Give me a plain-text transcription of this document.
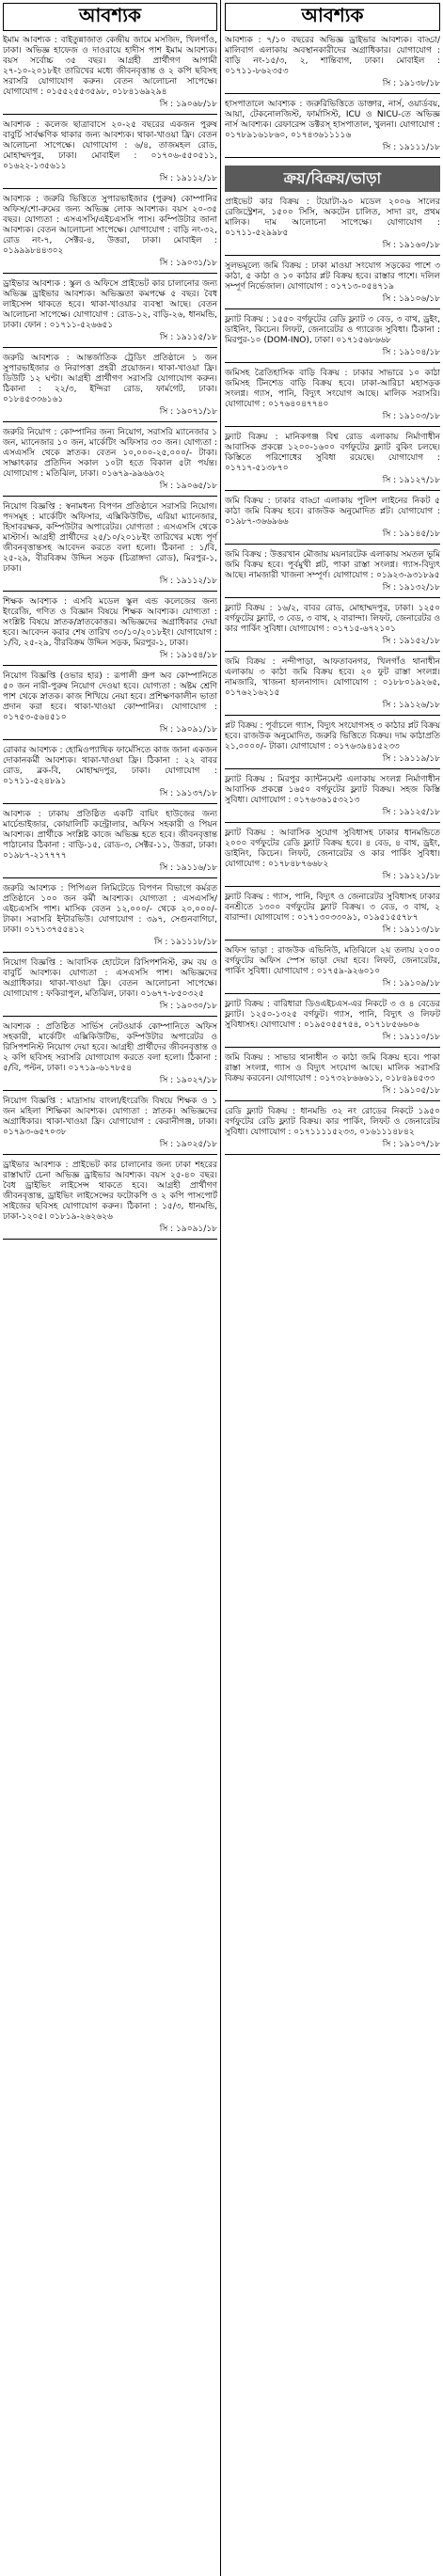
আবশ্যক
ইমাম আবশ্যক : বাইতুন্নাজাত কেন্দ্রীয় জামে মসজিদ, খিলগাঁও, ঢাকা। অভিজ্ঞ হাফেজ ও দাওরায়ে হাদীস পাশ ইমাম আবশ্যক। বয়স সর্বোচ্চ ৩৫ বছর। আগ্রহী প্রার্থীগণ আগামী ২৭-১০-২০১৮ইং তারিখের মধ্যে জীবনবৃত্তান্ত ও ২ কপি ছবিসহ সরাসরি যোগাযোগ করুন। বেতন আলোচনা সাপেক্ষে। যোগাযোগ : ০১৫৫২৫৫৩৫৯৮, ০১৮৪১৬৯২৯৪
সি : ১৯০৬৮/১৮
আবশ্যক : কলেজ ছাত্রাবাসে ২০-২৫ বছরের একজন পুরুষ বাবুর্চি সার্বক্ষণিক থাকার জন্য আবশ্যক। থাকা-খাওয়া ফ্রি। বেতন আলোচনা সাপেক্ষে। যোগাযোগ : ৬/৪, তাজমহল রোড, মোহাম্মদপুর, ঢাকা। মোবাইল : ০১৭০৬-৫৫০৫১১, ০১৬২২-১৩৫৬১১
সি : ১৯১১২/১৮
আবশ্যক : জরুরি ভিত্তিতে সুপারভাইজার (পুরুষ) কোম্পানির অফিস/শো-রুমের জন্য অভিজ্ঞ লোক আবশ্যক। বয়স ২০-৩৫ বছর। যোগ্যতা : এসএসসি/এইচএসসি পাস। কম্পিউটার জানা আবশ্যক। বেতন আলোচনা সাপেক্ষে। যোগাযোগ : বাড়ি নং-৩২, রোড নং-৭, সেক্টর-৪, উত্তরা, ঢাকা। মোবাইল : ০১৯৯৯৮৪৪৩০২
সি : ১৯০৩১/১৮
ড্রাইভার আবশ্যক : স্কুল ও অফিসে প্রাইভেট কার চালানোর জন্য অভিজ্ঞ ড্রাইভার আবশ্যক। অভিজ্ঞতা কমপক্ষে ৫ বছর। বৈধ লাইসেন্স থাকতে হবে। থাকা-খাওয়ার ব্যবস্থা আছে। বেতন আলোচনা সাপেক্ষে। যোগাযোগ : রোড-১২, বাড়ি-২৬, ধানমন্ডি, ঢাকা। ফোন : ০১৭১১-৫২৬৬৫১
সি : ১৯১১৫/১৮
জরুরি আবশ্যক : আন্তর্জাতিক ট্রেডিং প্রতিষ্ঠানে ১ জন সুপারভাইজার ও নিরাপত্তা প্রহরী প্রয়োজন। থাকা-খাওয়া ফ্রি। ডিউটি ১২ ঘণ্টা। আগ্রহী প্রার্থীগণ সরাসরি যোগাযোগ করুন। ঠিকানা : ২২/৩, ইন্দিরা রোড, ফার্মগেট, ঢাকা। ০১৮৪৫৩৩৬১৬১
সি : ১৯০৭১/১৮
জরুরি নিয়োগ : কোম্পানির জন্য নিয়োগ, সরাসরি ম্যানেজার ১ জন, ম্যানেজার ১০ জন, মার্কেটিং অফিসার ৩০ জন। যোগ্যতা : এসএসসি থেকে স্নাতক। বেতন ১০,০০০-২৫,০০০/- টাকা। সাক্ষাৎকার প্রতিদিন সকাল ১০টা হতে বিকাল ৫টা পর্যন্ত। যোগাযোগ : মতিঝিল, ঢাকা। ০১৬৭৯-৯৯৬৯৩২
সি : ১৯০৬৫/১৮
নিয়োগ বিজ্ঞপ্তি : স্বনামধন্য বিপণন প্রতিষ্ঠানে সরাসরি নিয়োগ। পদসমূহ : মার্কেটিং অফিসার, এক্সিকিউটিভ, এরিয়া ম্যানেজার, হিসাবরক্ষক, কম্পিউটার অপারেটর। যোগ্যতা : এসএসসি থেকে মাস্টার্স। আগ্রহী প্রার্থীদের ২৫/১০/২০১৮ইং তারিখের মধ্যে পূর্ণ জীবনবৃত্তান্তসহ আবেদন করতে বলা হলো। ঠিকানা : ১/বি, ২৫-২৯, বীরবিক্রম উদ্দিন সড়ক (চিত্রাঙ্গদা রোড), মিরপুর-১, ঢাকা।
সি : ১৯১১২/১৮
শিক্ষক আবশ্যক : এসবি মডেল স্কুল এন্ড কলেজের জন্য ইংরেজি, গণিত ও বিজ্ঞান বিষয়ে শিক্ষক আবশ্যক। যোগ্যতা : সংশ্লিষ্ট বিষয়ে স্নাতক/স্নাতকোত্তর। অভিজ্ঞদের অগ্রাধিকার দেয়া হবে। আবেদন করার শেষ তারিখ ৩০/১০/২০১৮ইং। যোগাযোগ : ১/বি, ২৫-২৯, বীরবিক্রম উদ্দিন সড়ক, মিরপুর-১, ঢাকা।
সি : ১৯১৫৪/১৮
নিয়োগ বিজ্ঞপ্তি (ওভার হার) : রূপালী গ্রুপ অব কোম্পানিতে ৫০ জন নারী-পুরুষ নিয়োগ দেওয়া হবে। যোগ্যতা : অষ্টম শ্রেণি পাশ থেকে স্নাতক। কাজ শিখিয়ে নেয়া হবে। প্রশিক্ষণকালীন ভাতা প্রদান করা হবে। থাকা-খাওয়া কোম্পানির। যোগাযোগ : ০১৭৫৩-৫৬৪৫১০
সি : ১৯০৯১/১৮
রোকার আবশ্যক : হোমিওপ্যাথিক ফার্মেসিতে কাজ জানা একজন দোকানকর্মী আবশ্যক। থাকা-খাওয়া ফ্রি। ঠিকানা : ২২ বাবর রোড, ব্লক-বি, মোহাম্মদপুর, ঢাকা। যোগাযোগ : ০১৭১১-৫২৪৮৯১
সি : ১৯১৩৭/১৮
আবশ্যক : ঢাকায় প্রতিষ্ঠিত একটি বায়িং হাউজের জন্য মার্চেন্ডাইজার, কোয়ালিটি কন্ট্রোলার, অফিস সহকারী ও পিয়ন আবশ্যক। প্রার্থীকে সংশ্লিষ্ট কাজে অভিজ্ঞ হতে হবে। জীবনবৃত্তান্ত পাঠানোর ঠিকানা : বাড়ি-১৫, রোড-৩, সেক্টর-১১, উত্তরা, ঢাকা। ০১৯৮৭-২১৭৭৭৭
সি : ১৯১১৬/১৮
জরুরি আবশ্যক : পিপিএল লিমিটেডে বিপণন বিভাগে কর্মরত প্রতিষ্ঠানে ১০০ জন কর্মী আবশ্যক। যোগ্যতা : এসএসসি/এইচএসসি পাশ। মাসিক বেতন ১২,০০০/- থেকে ২০,০০০/- টাকা। সরাসরি ইন্টারভিউ। যোগাযোগ : ৩৯৭, সেগুনবাগিচা, ঢাকা। ০১৭১৩৭৫৫৪১২
সি : ১৯১১১৮/১৮
নিয়োগ বিজ্ঞপ্তি : আবাসিক হোটেলে রিসিপশনিস্ট, রুম বয় ও বাবুর্চি আবশ্যক। যোগ্যতা : এসএসসি পাশ। অভিজ্ঞদের অগ্রাধিকার। থাকা-খাওয়া ফ্রি। বেতন আলোচনা সাপেক্ষে। যোগাযোগ : ফকিরাপুল, মতিঝিল, ঢাকা। ০১৬৭৭-৮৫০৩২৫
সি : ১৯০৩০/১৮
আবশ্যক : প্রতিষ্ঠিত সার্ভিস নেটওয়ার্ক কোম্পানিতে অফিস সহকারী, মার্কেটিং এক্সিকিউটিভ, কম্পিউটার অপারেটর ও রিসিপশনিস্ট নিয়োগ দেয়া হবে। আগ্রহী প্রার্থীদের জীবনবৃত্তান্ত ও ২ কপি ছবিসহ সরাসরি যোগাযোগ করতে বলা হলো। ঠিকানা : ৫/বি, পল্টন, ঢাকা। ০১৭১৯-৬১৭৮৫৪
সি : ১৯০২৭/১৮
নিয়োগ বিজ্ঞপ্তি : মাদ্রাসায় বাংলা/ইংরেজি বিষয়ে শিক্ষক ও ১ জন মহিলা শিক্ষিকা আবশ্যক। যোগ্যতা : স্নাতক। অভিজ্ঞদের অগ্রাধিকার। থাকা-খাওয়া ফ্রি। যোগাযোগ : কেরানীগঞ্জ, ঢাকা। ০১৭৯৩-৬৫৭০৩৮
সি : ১৯০২৫/১৮
ড্রাইভার আবশ্যক : প্রাইভেট কার চালানোর জন্য ঢাকা শহরের রাস্তাঘাট চেনা অভিজ্ঞ ড্রাইভার আবশ্যক। বয়স ২৫-৪০ বছর। বৈধ ড্রাইভিং লাইসেন্স থাকতে হবে। আগ্রহী প্রার্থীগণ জীবনবৃত্তান্ত, ড্রাইভিং লাইসেন্সের ফটোকপি ও ২ কপি পাসপোর্ট সাইজের ছবিসহ যোগাযোগ করুন। ঠিকানা : ১৫/৩, ধানমন্ডি, ঢাকা-১২০৫। ০১৮১৯-২৬২৬২৬
সি : ১৯০৯১/১৮
আবশ্যক
আবশ্যক : ৭/১০ বছরের অভিজ্ঞ ড্রাইভার আবশ্যক। বাড্ডা/মালিবাগ এলাকায় অবস্থানকারীদের অগ্রাধিকার। যোগাযোগ : বাড়ি নং-১৫/৩, ২, শান্তিবাগ, ঢাকা। মোবাইল : ০১৭১১-৮৬২৩৫৩
সি : ১৯১৩৮/১৮
হাসপাতালে আবশ্যক : জরুরিভিত্তিতে ডাক্তার, নার্স, ওয়ার্ডবয়, আয়া, টেকনোলজিস্ট, ফার্মাসিস্ট, ICU ও NICU-তে অভিজ্ঞ নার্স আবশ্যক। রেফারেন্স ডক্টরস্ হাসপাতাল, খুলনা। যোগাযোগ : ০১৭৮৯১৬১৮৬০, ০১৭৪৩৬১১১১৬
সি : ১৯১১১/১৮
ক্রয়/বিক্রয়/ভাড়া
প্রাইভেট কার বিক্রয় : টয়োটা-৯০ মডেল ২০০৬ সালের রেজিস্ট্রেশন, ১৫০০ সিসি, অকটেন চালিত, সাদা রং, প্রথম মালিক। দাম আলোচনা সাপেক্ষে। যোগাযোগ : ০১৭১১-৫২৯৯৮৫
সি : ১৯১৬০/১৮
সুলভমূল্যে জমি বিক্রয় : ঢাকা মাওয়া সংযোগ সড়কের পাশে ৩ কাঠা, ৫ কাঠা ও ১০ কাঠার প্লট বিক্রয় হবে। রাস্তার পাশে। দলিল সম্পূর্ণ নির্ভেজাল। যোগাযোগ : ০১৭১৩-০৫৪৭১৯
সি : ১৯১০৬/১৮
ফ্ল্যাট বিক্রয় : ১৫৫০ বর্গফুটের রেডি ফ্ল্যাট ৩ বেড, ৩ বাথ, ড্রইং, ডাইনিং, কিচেন। লিফট, জেনারেটর ও গ্যারেজ সুবিধা। ঠিকানা : মিরপুর-১০ (DOM-INO), ঢাকা। ০১৭১৫৬৮৬৬৮
সি : ১৯১০৪/১৮
জমিসহ ত্রৈতিহাসিক বাড়ি বিক্রয় : ঢাকার সাভারে ১০ কাঠা জমিসহ টিনশেড বাড়ি বিক্রয় হবে। ঢাকা-আরিচা মহাসড়ক সংলগ্ন। গ্যাস, পানি, বিদ্যুৎ সংযোগ আছে। মালিক সরাসরি। যোগাযোগ : ০১৭৬৪০৪৭৭৪০
সি : ১৯১০৩/১৮
ফ্ল্যাট বিক্রয় : মানিকগঞ্জ বিশ্ব রোড এলাকায় নির্মাণাধীন আবাসিক প্রকল্পে ১২০০-১৬০০ বর্গফুটের ফ্ল্যাট বুকিং চলছে। কিস্তিতে পরিশোধের সুবিধা রয়েছে। যোগাযোগ : ০১৭১৭-৫১৩৮৭০
সি : ১৯১২৭/১৮
জমি বিক্রয় : ঢাকার বাড্ডা এলাকায় পুলিশ লাইনের নিকট ৫ কাঠা জমি বিক্রয় হবে। রাজউক অনুমোদিত প্লট। যোগাযোগ : ০১৯৮৭-৩৬৬৯৬৬
সি : ১৯১৪৫/১৮
জমি বিক্রয় : উত্তরখান মৌজায় ময়নারটেক এলাকায় সমতল ভূমি জমি বিক্রয় হবে। পূর্বমুখী প্লট, পাকা রাস্তা সংলগ্ন। গ্যাস-বিদ্যুৎ আছে। নামজারী খাজনা সম্পূর্ণ। যোগাযোগ : ০১৯২৩-৯৩১৮৯৫
সি : ১৯১৩২/১৮
ফ্ল্যাট বিক্রয় : ১৬/২, বাবর রোড, মোহাম্মদপুর, ঢাকা। ১২৫০ বর্গফুটের ফ্ল্যাট, ৩ বেড, ৩ বাথ, ২ বারান্দা। লিফট, জেনারেটর ও কার পার্কিং সুবিধা। যোগাযোগ : ০১৭১৫-৬৭২১০১
সি : ১৯১৫২/১৮
জমি বিক্রয় : নন্দীপাড়া, আফতাবনগর, খিলগাঁও থানাধীন এলাকায় ৩ কাঠা জমি বিক্রয় হবে। ২০ ফুট রাস্তা সংলগ্ন। নামজারি, খাজনা হালনাগাদ। যোগাযোগ : ০১৮৮০১৯২৬৫, ০১৭৬২১৬২১৫
সি : ১৯১২৬/১৮
প্লট বিক্রয় : পূর্বাচলে গ্যাস, বিদ্যুৎ সংযোগসহ ৩ কাঠার প্লট বিক্রয় হবে। রাজউক অনুমোদিত, জরুরি ভিত্তিতে বিক্রয়। দাম কাঠাপ্রতি ২১,০০০০/- টাকা। যোগাযোগ : ০১৭৬৩৯৪১৫২৩৩
সি : ১৯১১৯/১৮
ফ্ল্যাট বিক্রয় : মিরপুর ক্যান্টনমেন্ট এলাকায় সংলগ্ন নির্মাণাধীন আবাসিক প্রকল্পে ১৬৫০ বর্গফুটের ফ্ল্যাট বিক্রয়। সহজ কিস্তি সুবিধা। যোগাযোগ : ০১৭৬৩৬১৫৩২১৩
সি : ১৯১২৫/১৮
ফ্ল্যাট বিক্রয় : আবাসিক সুযোগ সুবিধাসহ ঢাকার ধানমন্ডিতে ২০০০ বর্গফুটের রেডি ফ্ল্যাট বিক্রয় হবে। ৪ বেড, ৪ বাথ, ড্রইং, ডাইনিং, কিচেন। লিফট, জেনারেটর ও কার পার্কিং সুবিধা। যোগাযোগ : ০১৭৮৪৮৭৬৬৮২
সি : ১৯১২১/১৮
ফ্ল্যাট বিক্রয় : গ্যাস, পানি, বিদ্যুৎ ও জেনারেটর সুবিধাসহ ঢাকার বনশ্রীতে ১৩০০ বর্গফুটের ফ্ল্যাট বিক্রয়। ৩ বেড, ৩ বাথ, ২ বারান্দা। যোগাযোগ : ০১৭১৩০৩৩০৯১, ০১৯৫১৫৫৭৮৭
সি : ১৯১১৩/১৮
অফিস ভাড়া : রাজউক এভিনিউ, মতিঝিলে ২য় তলায় ২০০০ বর্গফুটের অফিস স্পেস ভাড়া দেয়া হবে। লিফট, জেনারেটর, পার্কিং সুবিধা। যোগাযোগ : ০১৭৫৯-৯২৬০১০
সি : ১৯১০৯/১৮
ফ্ল্যাট বিক্রয় : বারিধারা ডিওএইচএস-এর নিকটে ৩ ও ৪ বেডের ফ্ল্যাট। ১২৫০-১৩২৫ বর্গফুট। গ্যাস, পানি, বিদ্যুৎ ও লিফট সুবিধাসহ। যোগাযোগ : ০১৯৫০৫৫৭৫৪, ০১৭১৮৫৬৬০৬
সি : ১৯১১০/১৮
জমি বিক্রয় : সাভার থানাধীন ৩ কাঠা জমি বিক্রয় হবে। পাকা রাস্তা সংলগ্ন, গ্যাস ও বিদ্যুৎ সংযোগ আছে। মালিক সরাসরি বিক্রয় করবেন। যোগাযোগ : ০১৭৩২৮৬৬৬১১, ০১৮৪৯৪৫৩৩
সি : ১৯১০৫/১৮
রেডি ফ্ল্যাট বিক্রয় : ধানমন্ডি ৩২ নং রোডের নিকটে ১৯৫০ বর্গফুটের রেডি ফ্ল্যাট বিক্রয়। কার পার্কিং, লিফট ও জেনারেটর সুবিধা। যোগাযোগ : ০১৭১১১১৫২৩৩, ০১৬১১১৪৮৪২
সি : ১৯১০৭/১৮
